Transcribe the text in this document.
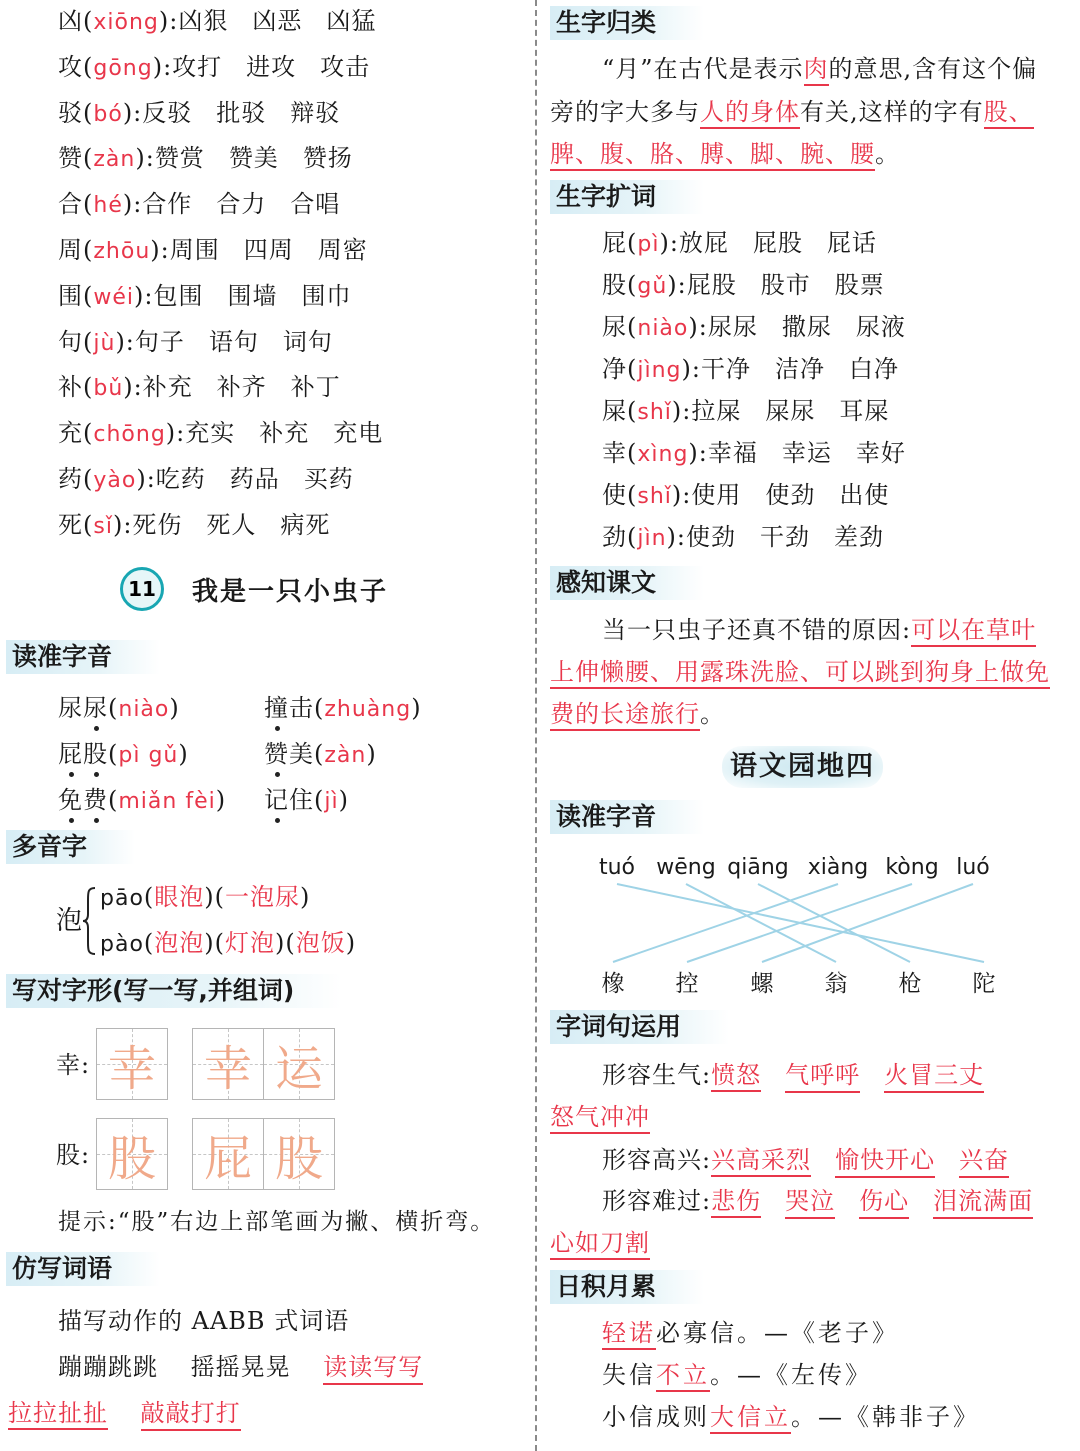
凶(xiōng):凶狠 凶恶 凶猛
攻(gōng):攻打 进攻 攻击
驳(bó):反驳 批驳 辩驳
赞(zàn):赞赏 赞美 赞扬
合(hé):合作 合力 合唱
周(zhōu):周围 四周 周密
围(wéi):包围 围墙 围巾
句(jù):句子 语句 词句
补(bǔ):补充 补齐 补丁
充(chōng):充实 补充 充电
药(yào):吃药 药品 买药
死(sǐ):死伤 死人 病死
11	我是一只小虫子
读准字音
尿尿(niào)	撞击(zhuàng)
屁股(pì gǔ)	赞美(zàn)
免费(miǎn fèi) 记住(jì)
多音字
泡
pāo(眼泡)(一泡尿)
pào(泡泡)(灯泡)(泡饭)
写对字形(写一写,并组词)
幸: 幸 幸 运
股: 股 屁 股
提示:“股”右边上部笔画为撇、横折弯。
仿写词语
描写动作的 AABB 式词语
蹦蹦跳跳 摇摇晃晃 读读写写
拉拉扯扯 敲敲打打
生字归类
“月”在古代是表示肉的意思,含有这个偏
旁的字大多与人的身体有关,这样的字有股、
脾、腹、胳、膊、脚、腕、腰。
生字扩词
屁(pì):放屁 屁股 屁话
股(gǔ):屁股 股市 股票
尿(niào):尿尿 撒尿 尿液
净(jìng):干净 洁净 白净
屎(shǐ):拉屎 屎尿 耳屎
幸(xìng):幸福 幸运 幸好
使(shǐ):使用 使劲 出使
劲(jìn):使劲 干劲 差劲
感知课文
当一只虫子还真不错的原因:可以在草叶
上伸懒腰、用露珠洗脸、可以跳到狗身上做免
费的长途旅行。
语文园地四
读准字音
tuó wēng qiāng xiàng kòng luó
橡 控 螺 翁 枪 陀
字词句运用
形容生气:愤怒 气呼呼 火冒三丈
怒气冲冲
形容高兴:兴高采烈 愉快开心 兴奋
形容难过:悲伤 哭泣 伤心 泪流满面
心如刀割
日积月累
轻诺必寡信。—《老子》
失信不立。—《左传》
小信成则大信立。—《韩非子》
